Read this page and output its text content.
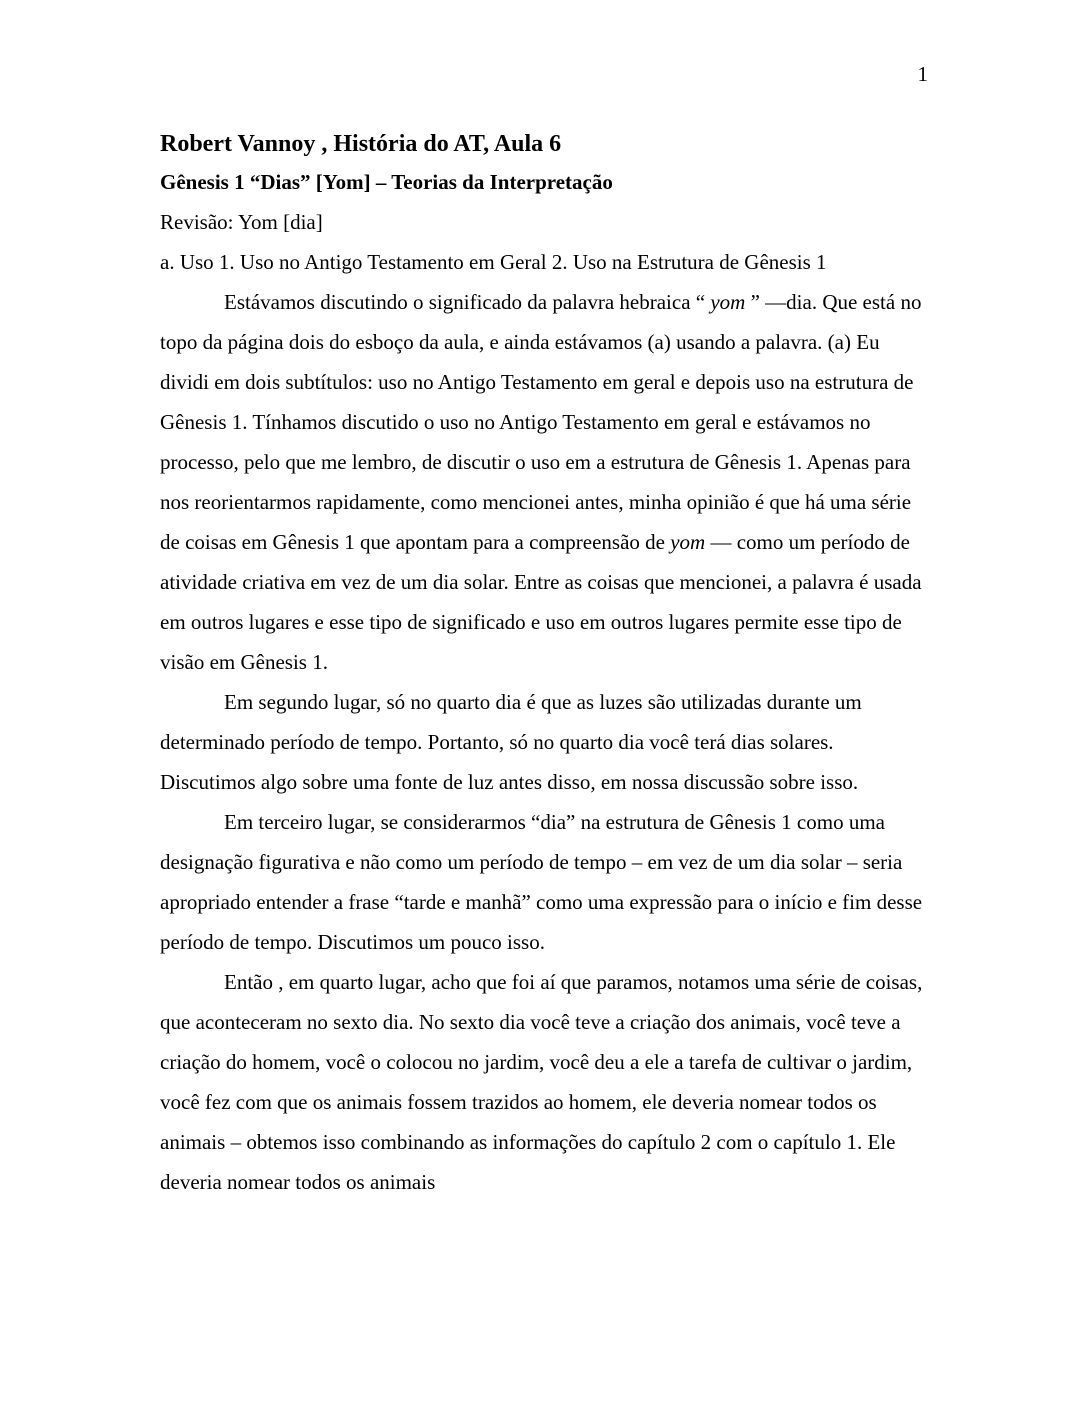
1

Robert Vannoy , História do AT, Aula 6

Gênesis 1 “Dias” [Yom] – Teorias da Interpretação

Revisão: Yom [dia]

a. Uso 1. Uso no Antigo Testamento em Geral 2. Uso na Estrutura de Gênesis 1

Estávamos discutindo o significado da palavra hebraica “ yom ” —dia. Que está no topo da página dois do esboço da aula, e ainda estávamos (a) usando a palavra. (a) Eu dividi em dois subtítulos: uso no Antigo Testamento em geral e depois uso na estrutura de Gênesis 1. Tínhamos discutido o uso no Antigo Testamento em geral e estávamos no processo, pelo que me lembro, de discutir o uso em a estrutura de Gênesis 1. Apenas para nos reorientarmos rapidamente, como mencionei antes, minha opinião é que há uma série de coisas em Gênesis 1 que apontam para a compreensão de yom — como um período de atividade criativa em vez de um dia solar. Entre as coisas que mencionei, a palavra é usada em outros lugares e esse tipo de significado e uso em outros lugares permite esse tipo de visão em Gênesis 1.

Em segundo lugar, só no quarto dia é que as luzes são utilizadas durante um determinado período de tempo. Portanto, só no quarto dia você terá dias solares. Discutimos algo sobre uma fonte de luz antes disso, em nossa discussão sobre isso.

Em terceiro lugar, se considerarmos “dia” na estrutura de Gênesis 1 como uma designação figurativa e não como um período de tempo – em vez de um dia solar – seria apropriado entender a frase “tarde e manhã” como uma expressão para o início e fim desse período de tempo. Discutimos um pouco isso.

Então , em quarto lugar, acho que foi aí que paramos, notamos uma série de coisas, que aconteceram no sexto dia. No sexto dia você teve a criação dos animais, você teve a criação do homem, você o colocou no jardim, você deu a ele a tarefa de cultivar o jardim, você fez com que os animais fossem trazidos ao homem, ele deveria nomear todos os animais – obtemos isso combinando as informações do capítulo 2 com o capítulo 1. Ele deveria nomear todos os animais
